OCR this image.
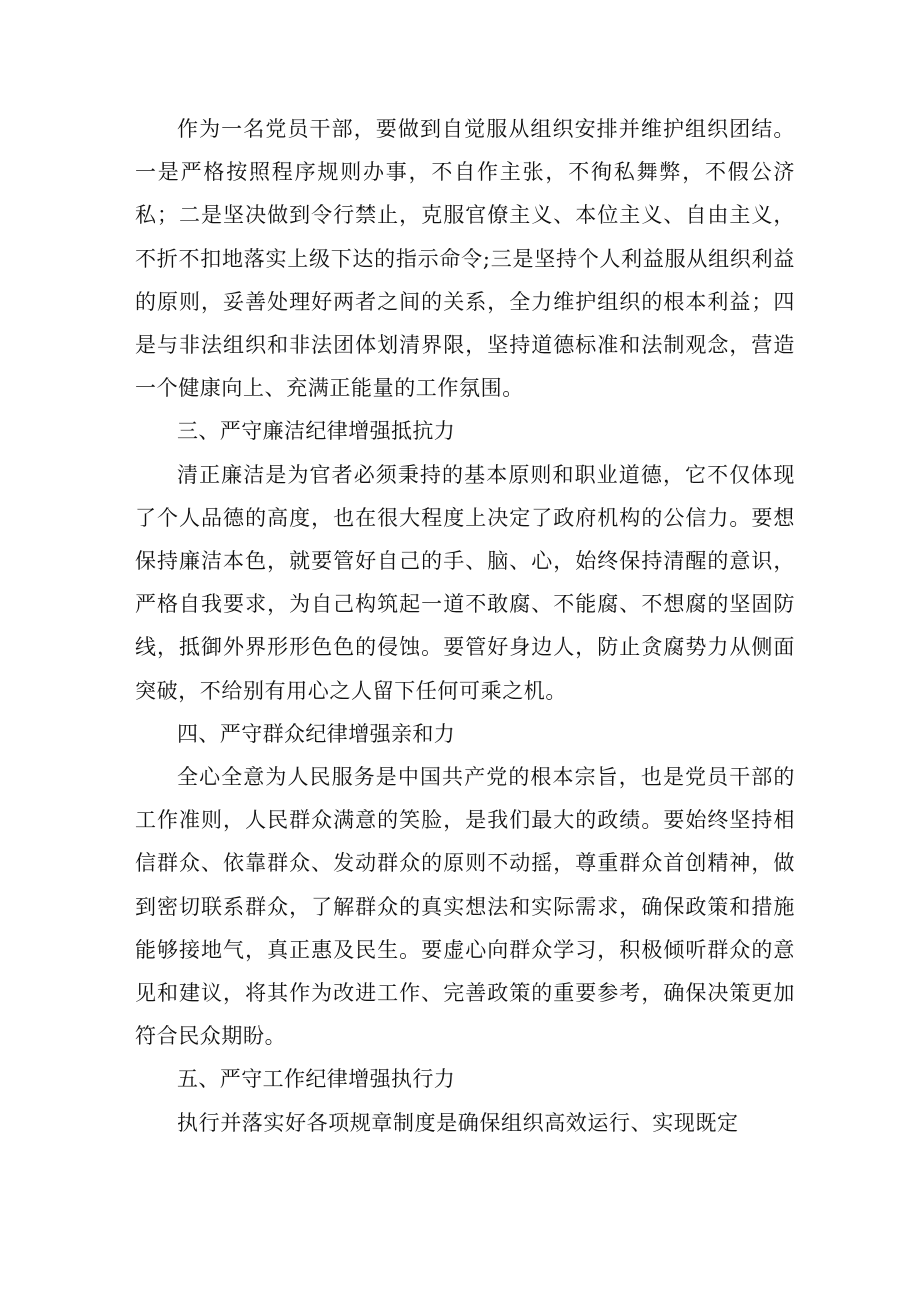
作为一名党员干部，要做到自觉服从组织安排并维护组织团结。一是严格按照程序规则办事，不自作主张，不徇私舞弊，不假公济私；二是坚决做到令行禁止，克服官僚主义、本位主义、自由主义，不折不扣地落实上级下达的指示命令;三是坚持个人利益服从组织利益的原则，妥善处理好两者之间的关系，全力维护组织的根本利益；四是与非法组织和非法团体划清界限，坚持道德标准和法制观念，营造一个健康向上、充满正能量的工作氛围。

三、严守廉洁纪律增强抵抗力

清正廉洁是为官者必须秉持的基本原则和职业道德，它不仅体现了个人品德的高度，也在很大程度上决定了政府机构的公信力。要想保持廉洁本色，就要管好自己的手、脑、心，始终保持清醒的意识，严格自我要求，为自己构筑起一道不敢腐、不能腐、不想腐的坚固防线，抵御外界形形色色的侵蚀。要管好身边人，防止贪腐势力从侧面突破，不给别有用心之人留下任何可乘之机。

四、严守群众纪律增强亲和力

全心全意为人民服务是中国共产党的根本宗旨，也是党员干部的工作准则，人民群众满意的笑脸，是我们最大的政绩。要始终坚持相信群众、依靠群众、发动群众的原则不动摇，尊重群众首创精神，做到密切联系群众，了解群众的真实想法和实际需求，确保政策和措施能够接地气，真正惠及民生。要虚心向群众学习，积极倾听群众的意见和建议，将其作为改进工作、完善政策的重要参考，确保决策更加符合民众期盼。

五、严守工作纪律增强执行力

执行并落实好各项规章制度是确保组织高效运行、实现既定
